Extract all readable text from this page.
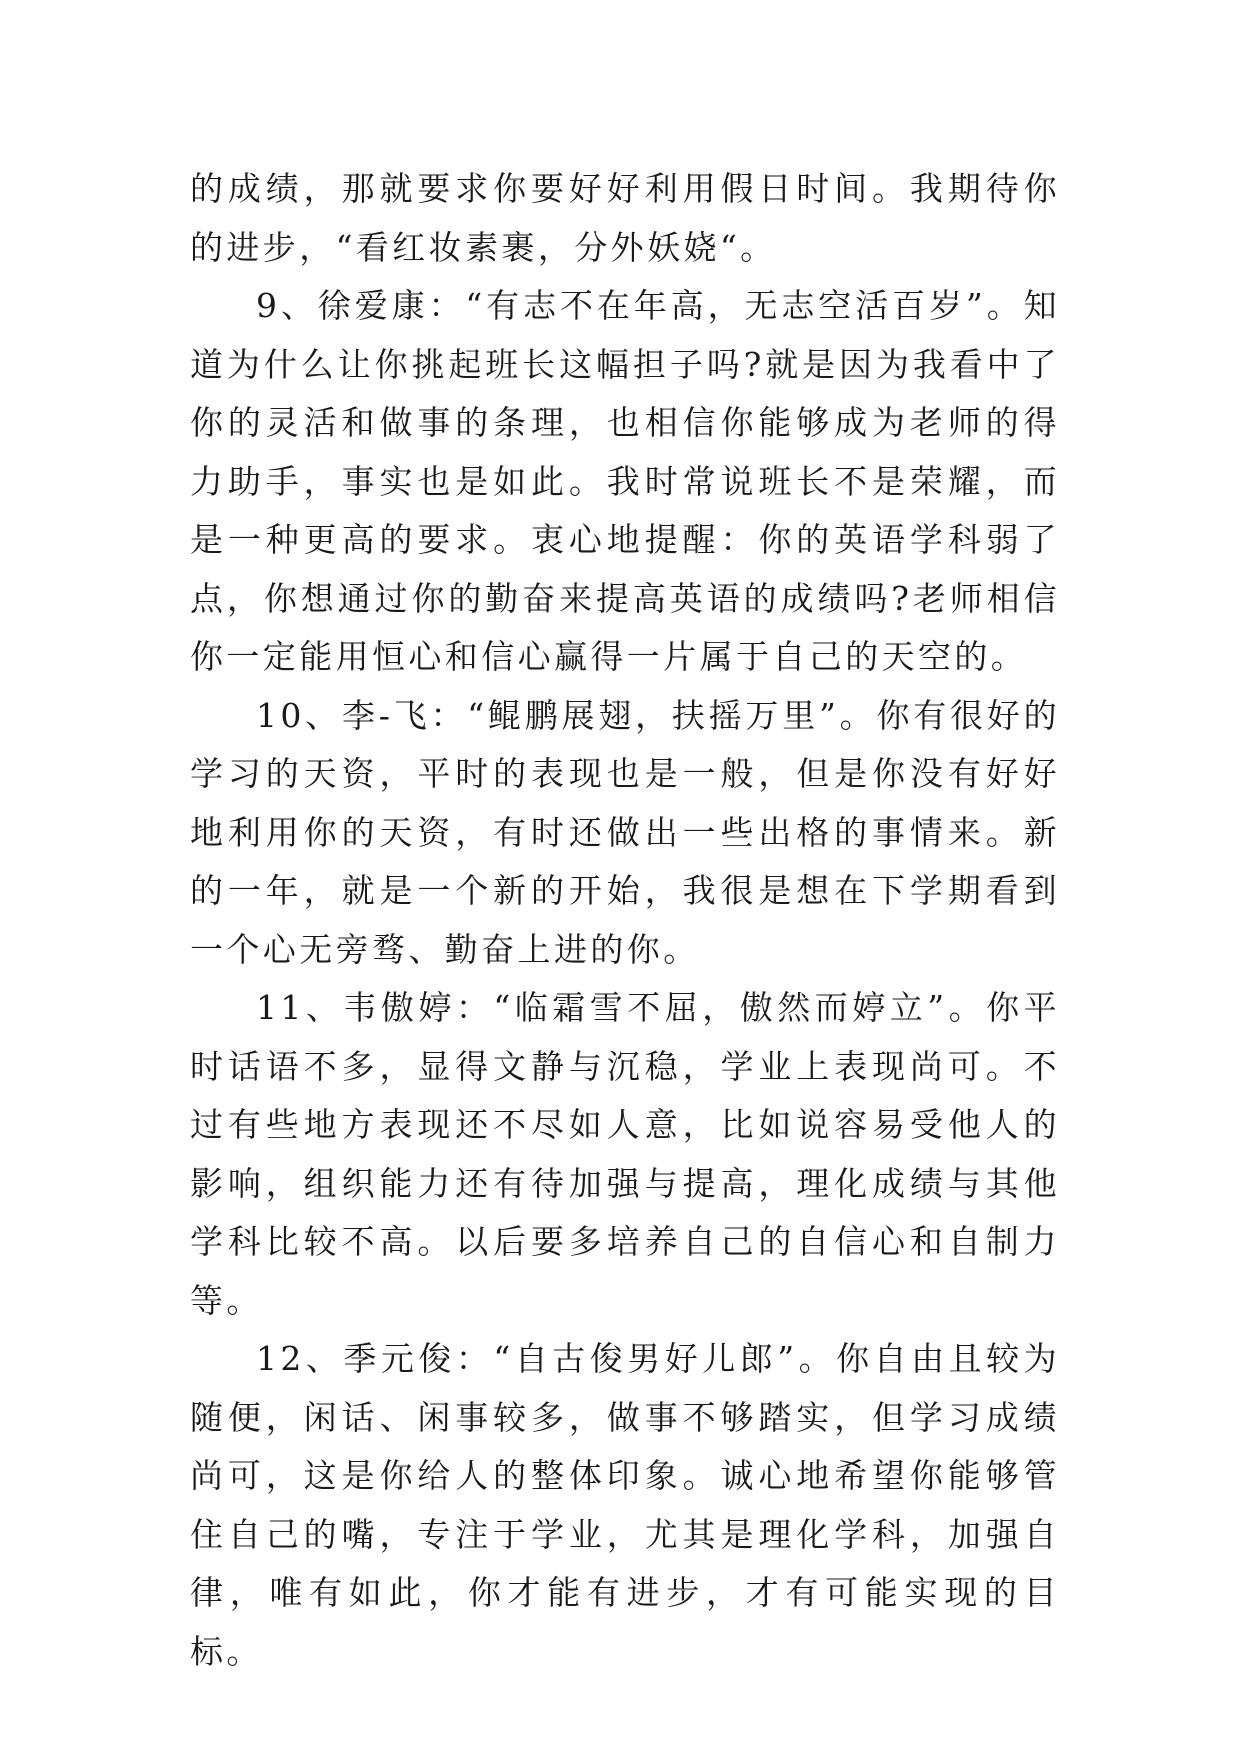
的成绩，那就要求你要好好利用假日时间。我期待你的进步，“看红妆素裹，分外妖娆“。

9、徐爱康：“有志不在年高，无志空活百岁”。知道为什么让你挑起班长这幅担子吗?就是因为我看中了你的灵活和做事的条理，也相信你能够成为老师的得力助手，事实也是如此。我时常说班长不是荣耀，而是一种更高的要求。衷心地提醒：你的英语学科弱了点，你想通过你的勤奋来提高英语的成绩吗?老师相信你一定能用恒心和信心赢得一片属于自己的天空的。

10、李-飞：“鲲鹏展翅，扶摇万里”。你有很好的学习的天资，平时的表现也是一般，但是你没有好好地利用你的天资，有时还做出一些出格的事情来。新的一年，就是一个新的开始，我很是想在下学期看到一个心无旁骛、勤奋上进的你。

11、韦傲婷：“临霜雪不屈，傲然而婷立”。你平时话语不多，显得文静与沉稳，学业上表现尚可。不过有些地方表现还不尽如人意，比如说容易受他人的影响，组织能力还有待加强与提高，理化成绩与其他学科比较不高。以后要多培养自己的自信心和自制力等。

12、季元俊：“自古俊男好儿郎”。你自由且较为随便，闲话、闲事较多，做事不够踏实，但学习成绩尚可，这是你给人的整体印象。诚心地希望你能够管住自己的嘴，专注于学业，尤其是理化学科，加强自律，唯有如此，你才能有进步，才有可能实现的目标。
